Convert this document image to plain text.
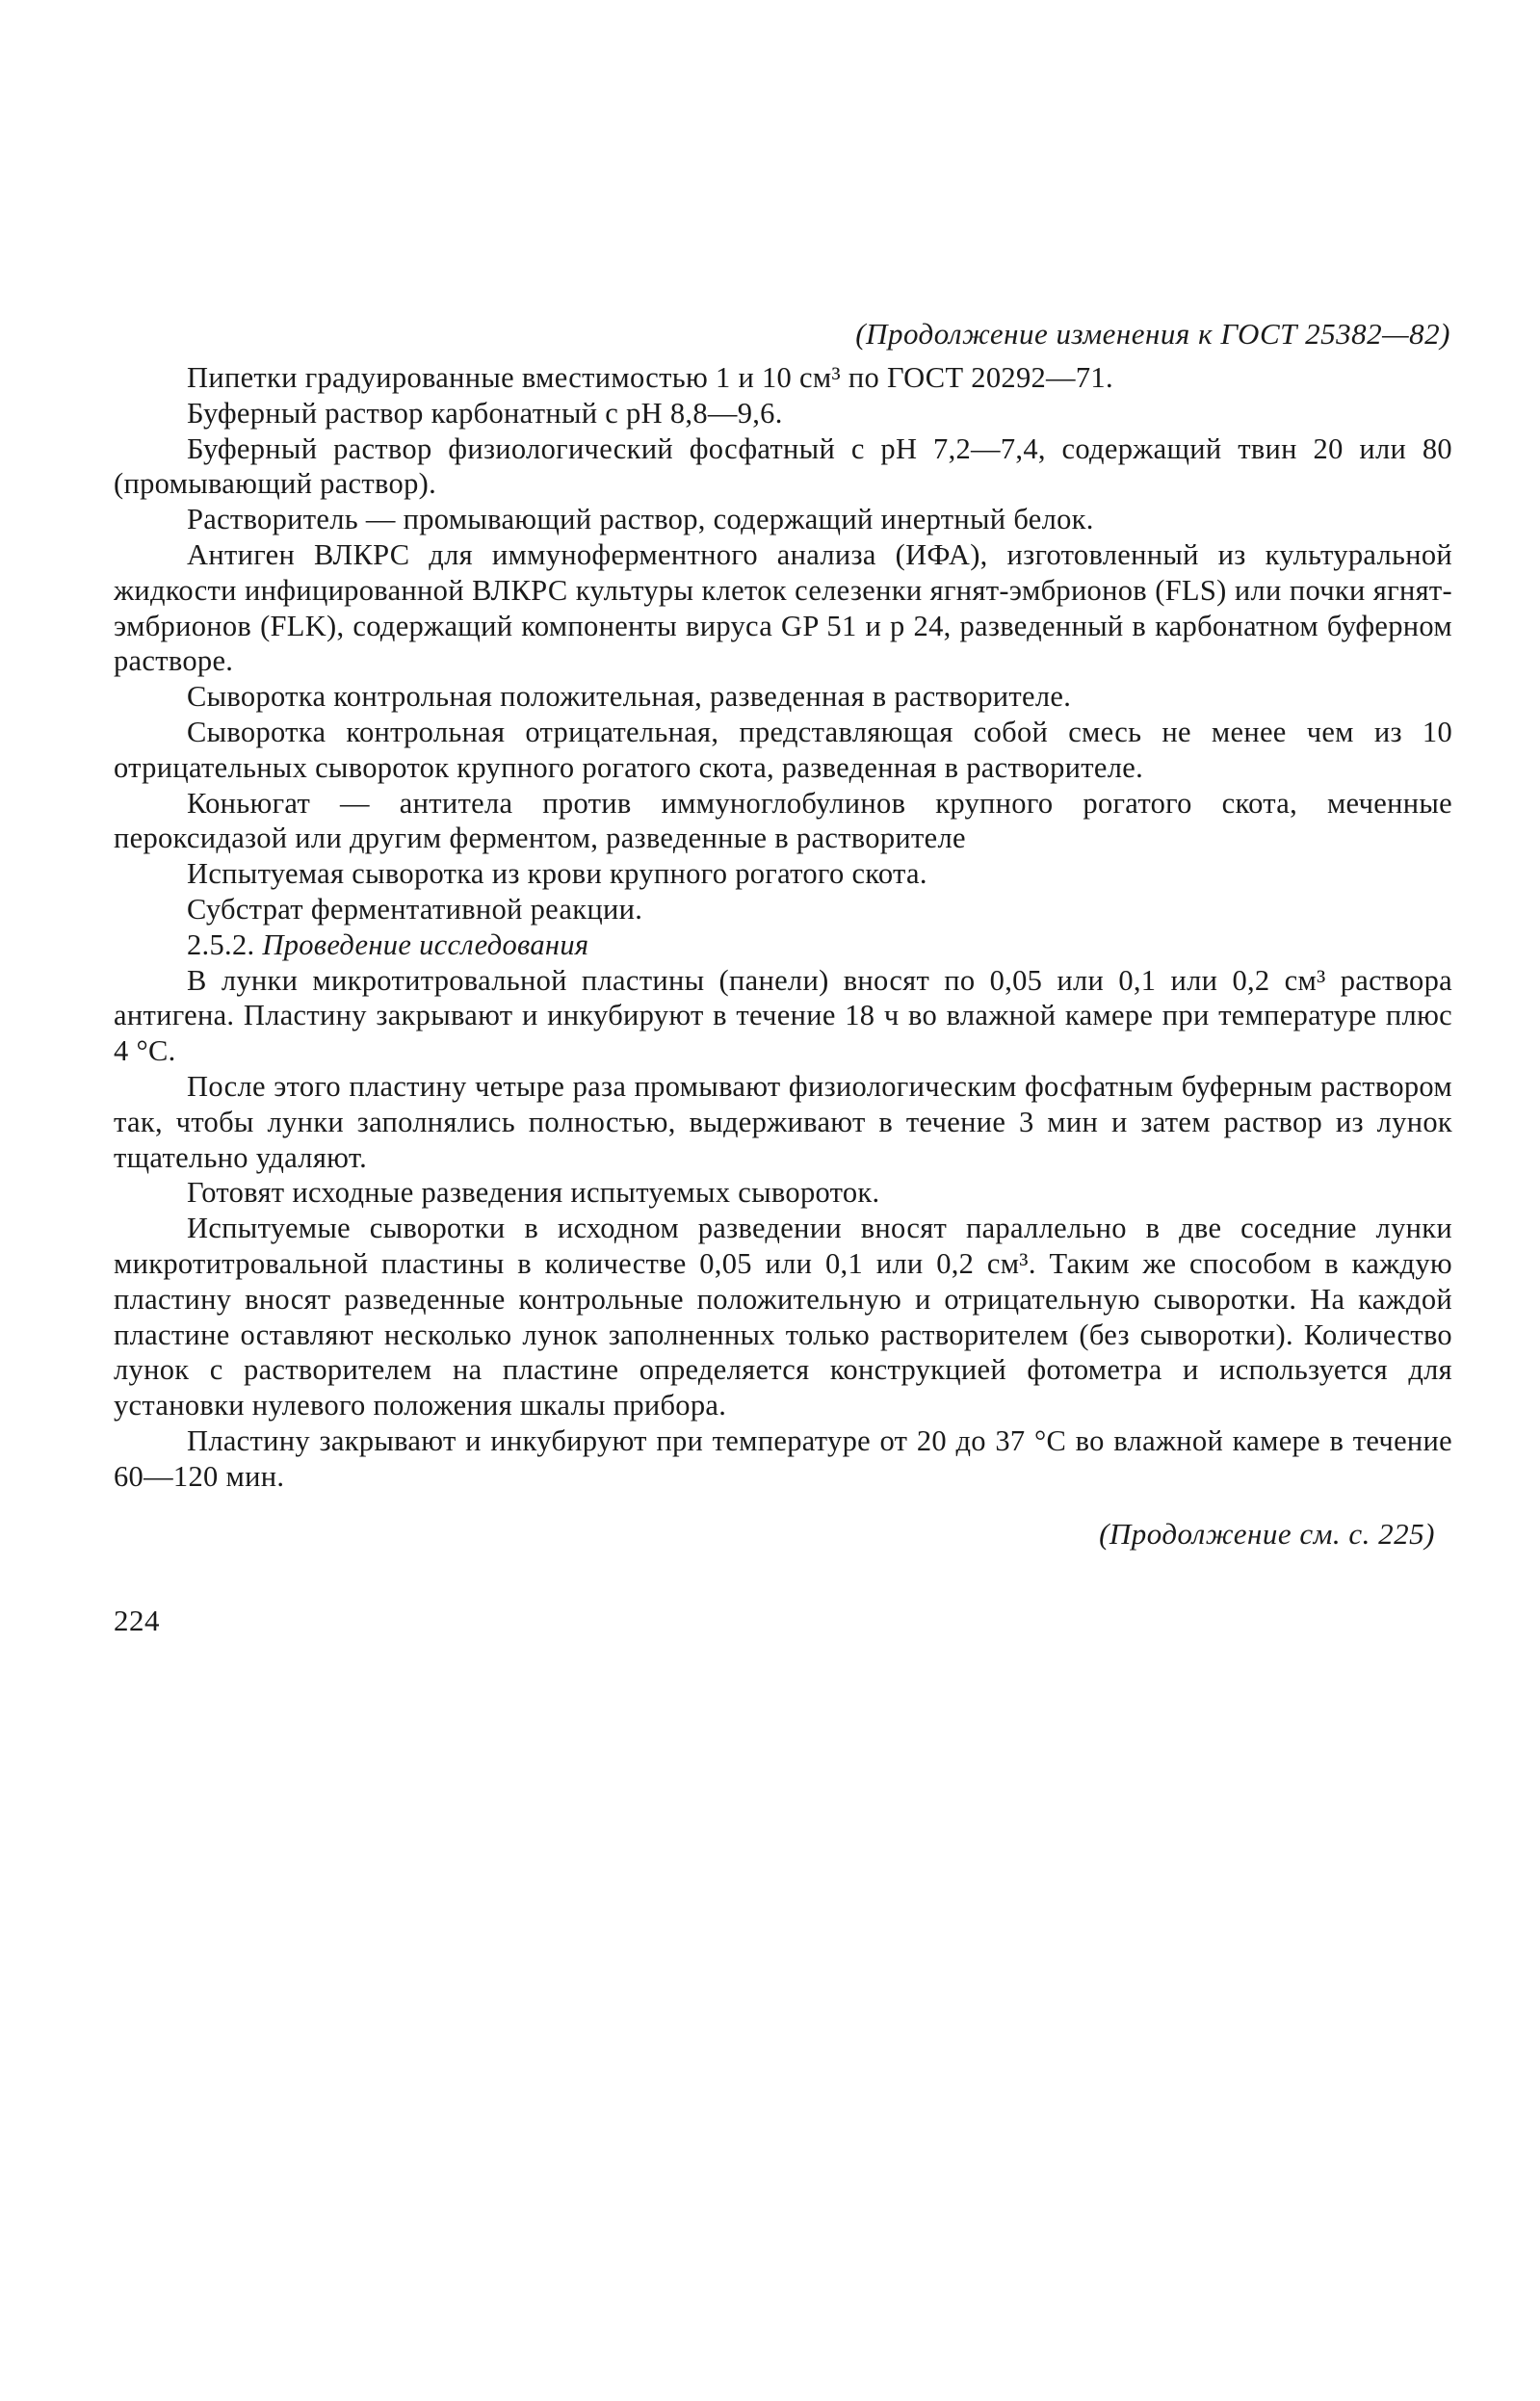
(Продолжение изменения к ГОСТ 25382—82)

Пипетки градуированные вместимостью 1 и 10 см³ по ГОСТ 20292—71.

Буферный раствор карбонатный с рН 8,8—9,6.

Буферный раствор физиологический фосфатный с рН 7,2—7,4, содержащий твин 20 или 80 (промывающий раствор).

Растворитель — промывающий раствор, содержащий инертный белок.

Антиген ВЛКРС для иммуноферментного анализа (ИФА), изготовленный из культуральной жидкости инфицированной ВЛКРС культуры клеток селезенки ягнят-эмбрионов (FLS) или почки ягнят-эмбрионов (FLK), содержащий компоненты вируса GP 51 и р 24, разведенный в карбонатном буферном растворе.

Сыворотка контрольная положительная, разведенная в растворителе.

Сыворотка контрольная отрицательная, представляющая собой смесь не менее чем из 10 отрицательных сывороток крупного рогатого скота, разведенная в растворителе.

Коньюгат — антитела против иммуноглобулинов крупного рогатого скота, меченные пероксидазой или другим ферментом, разведенные в растворителе

Испытуемая сыворотка из крови крупного рогатого скота.

Субстрат ферментативной реакции.

2.5.2. Проведение исследования

В лунки микротитровальной пластины (панели) вносят по 0,05 или 0,1 или 0,2 см³ раствора антигена. Пластину закрывают и инкубируют в течение 18 ч во влажной камере при температуре плюс 4 °С.

После этого пластину четыре раза промывают физиологическим фосфатным буферным раствором так, чтобы лунки заполнялись полностью, выдерживают в течение 3 мин и затем раствор из лунок тщательно удаляют.

Готовят исходные разведения испытуемых сывороток.

Испытуемые сыворотки в исходном разведении вносят параллельно в две соседние лунки микротитровальной пластины в количестве 0,05 или 0,1 или 0,2 см³. Таким же способом в каждую пластину вносят разведенные контрольные положительную и отрицательную сыворотки. На каждой пластине оставляют несколько лунок заполненных только растворителем (без сыворотки). Количество лунок с растворителем на пластине определяется конструкцией фотометра и используется для установки нулевого положения шкалы прибора.

Пластину закрывают и инкубируют при температуре от 20 до 37 °С во влажной камере в течение 60—120 мин.

(Продолжение см. с. 225)
224
